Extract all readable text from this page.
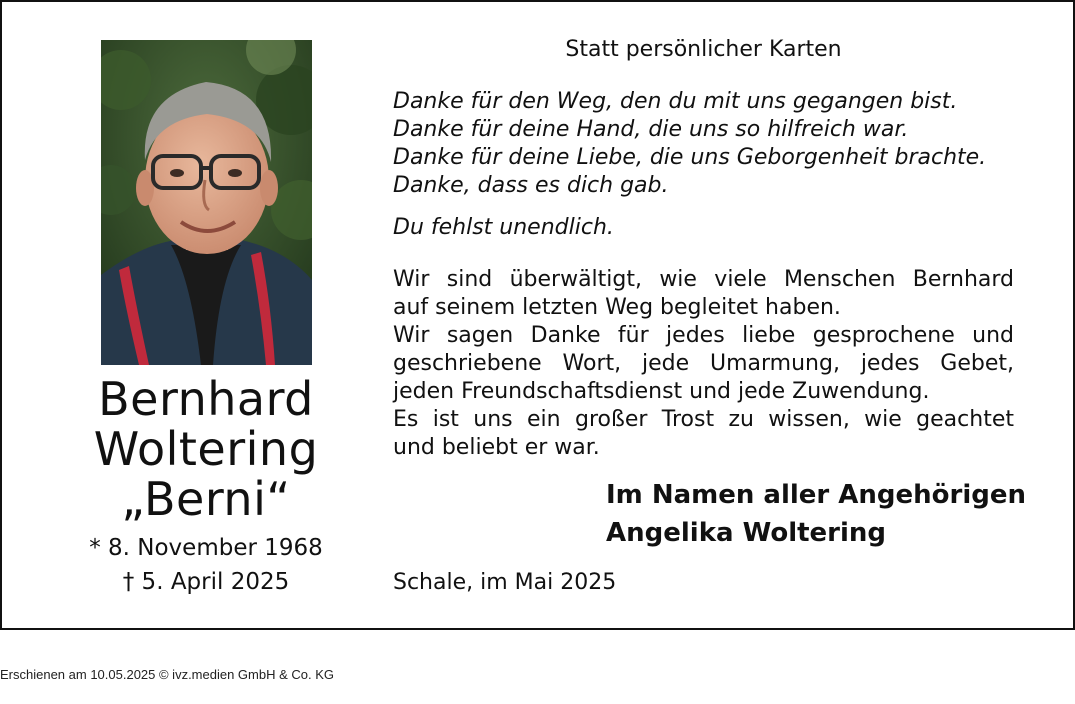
Bernhard
Woltering
„Berni“
* 8. November 1968
† 5. April 2025
Statt persönlicher Karten
Danke für den Weg, den du mit uns gegangen bist.
Danke für deine Hand, die uns so hilfreich war.
Danke für deine Liebe, die uns Geborgenheit brachte.
Danke, dass es dich gab.
Du fehlst unendlich.
Wir sind überwältigt, wie viele Menschen Bernhard
auf seinem letzten Weg begleitet haben.
Wir sagen Danke für jedes liebe gesprochene und
geschriebene Wort, jede Umarmung, jedes Gebet,
jeden Freundschaftsdienst und jede Zuwendung.
Es ist uns ein großer Trost zu wissen, wie geachtet
und beliebt er war.
Im Namen aller Angehörigen
Angelika Woltering
Schale, im Mai 2025
Erschienen am 10.05.2025 © ivz.medien GmbH & Co. KG
